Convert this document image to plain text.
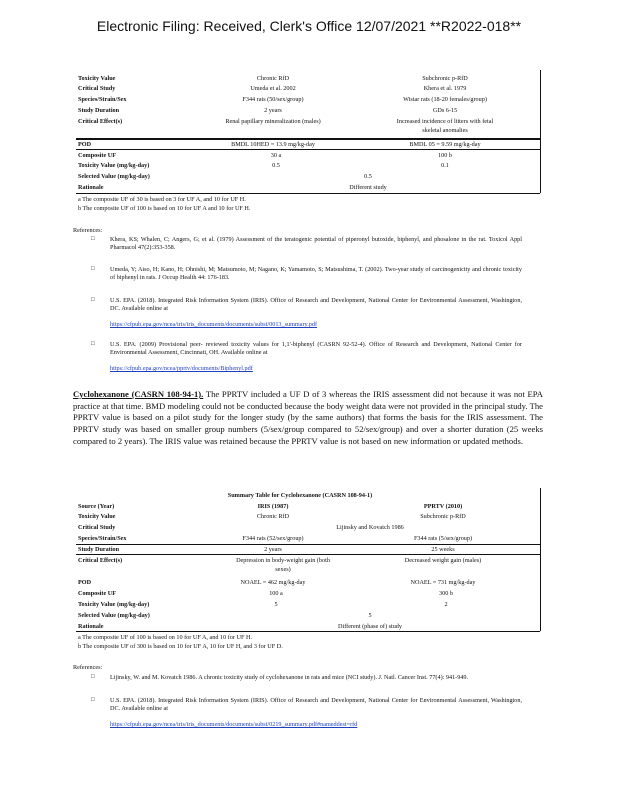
Electronic Filing: Received, Clerk's Office 12/07/2021 **R2022-018**
Toxicity Value
Critical Study
Species/Strain/Sex
Study Duration
Critical Effect(s)
POD
Composite UF
Toxicity Value (mg/kg-day)
Selected Value (mg/kg-day)
Rationale
Chronic RfD
Umeda et al. 2002
F344 rats (50/sex/group)
2 years
Renal papillary mineralization (males)
BMDL 10HED = 13.9 mg/kg-day
30 a
0.5
Subchronic p-RfD
Khera et al. 1979
Wistar rats (18-20 females/group)
GDs 6-15
Increased incidence of litters with fetal
skeletal anomalies
BMDL 05 = 9.59 mg/kg-day
100 b
0.1
0.5
Different study
a The composite UF of 30 is based on 3 for UF A, and 10 for UF H.
b The composite UF of 100 is based on 10 for UF A and 10 for UF H.
References:
□ Khera, KS; Whalen, C; Angers, G; et al. (1979) Assessment of the teratogenic potential of piperonyl butoxide, biphenyl, and phosalone in the rat. Toxicol Appl Pharmacol 47(2):353-358.
□ Umeda, Y; Aiso, H; Kano, H; Ohnishi, M; Matsumoto, M; Nagano, K; Yamamoto, S; Matsushima, T. (2002). Two-year study of carcinogenicity and chronic toxicity of biphenyl in rats. J Occup Health 44: 176-183.
□ U.S. EPA. (2018). Integrated Risk Information System (IRIS). Office of Research and Development, National Center for Environmental Assessment, Washington, DC. Available online at
https://cfpub.epa.gov/ncea/iris/iris_documents/documents/subst/0013_summary.pdf
□ U.S. EPA. (2009) Provisional peer- reviewed toxicity values for 1,1'-biphenyl (CASRN 92-52-4). Office of Research and Development, National Center for Environmental Assessment, Cincinnati, OH. Available online at
https://cfpub.epa.gov/ncea/pprtv/documents/Biphenyl.pdf
Cyclohexanone (CASRN 108-94-1). The PPRTV included a UF D of 3 whereas the IRIS assessment did not because it was not EPA practice at that time. BMD modeling could not be conducted because the body weight data were not provided in the principal study. The PPRTV value is based on a pilot study for the longer study (by the same authors) that forms the basis for the IRIS assessment. The PPRTV study was based on smaller group numbers (5/sex/group compared to 52/sex/group) and over a shorter duration (25 weeks compared to 2 years). The IRIS value was retained because the PPRTV value is not based on new information or updated methods.
Summary Table for Cyclohexanone (CASRN 108-94-1)
Source (Year)
Toxicity Value
Critical Study
Species/Strain/Sex
Study Duration
Critical Effect(s)
POD
Composite UF
Toxicity Value (mg/kg-day)
Selected Value (mg/kg-day)
Rationale
IRIS (1987)
Chronic RfD
F344 rats (52/sex/group)
2 years
Depression in body-weight gain (both
sexes)
NOAEL = 462 mg/kg-day
100 a
5
PPRTV (2010)
Subchronic p-RfD
F344 rats (5/sex/group)
25 weeks
Decreased weight gain (males)
NOAEL = 731 mg/kg-day
300 b
2
Lijinsky and Kovatch 1986
5
Different (phase of) study
a The composite UF of 100 is based on 10 for UF A, and 10 for UF H.
b The composite UF of 300 is based on 10 for UF A, 10 for UF H, and 3 for UF D.
References:
□ Lijinsky, W. and M. Kovatch 1986. A chronic toxicity study of cyclohexanone in rats and mice (NCI study). J. Natl. Cancer Inst. 77(4): 941-949.
□ U.S. EPA. (2018). Integrated Risk Information System (IRIS). Office of Research and Development, National Center for Environmental Assessment, Washington, DC. Available online at
https://cfpub.epa.gov/ncea/iris/iris_documents/documents/subst/0219_summary.pdf#nameddest=rfd
